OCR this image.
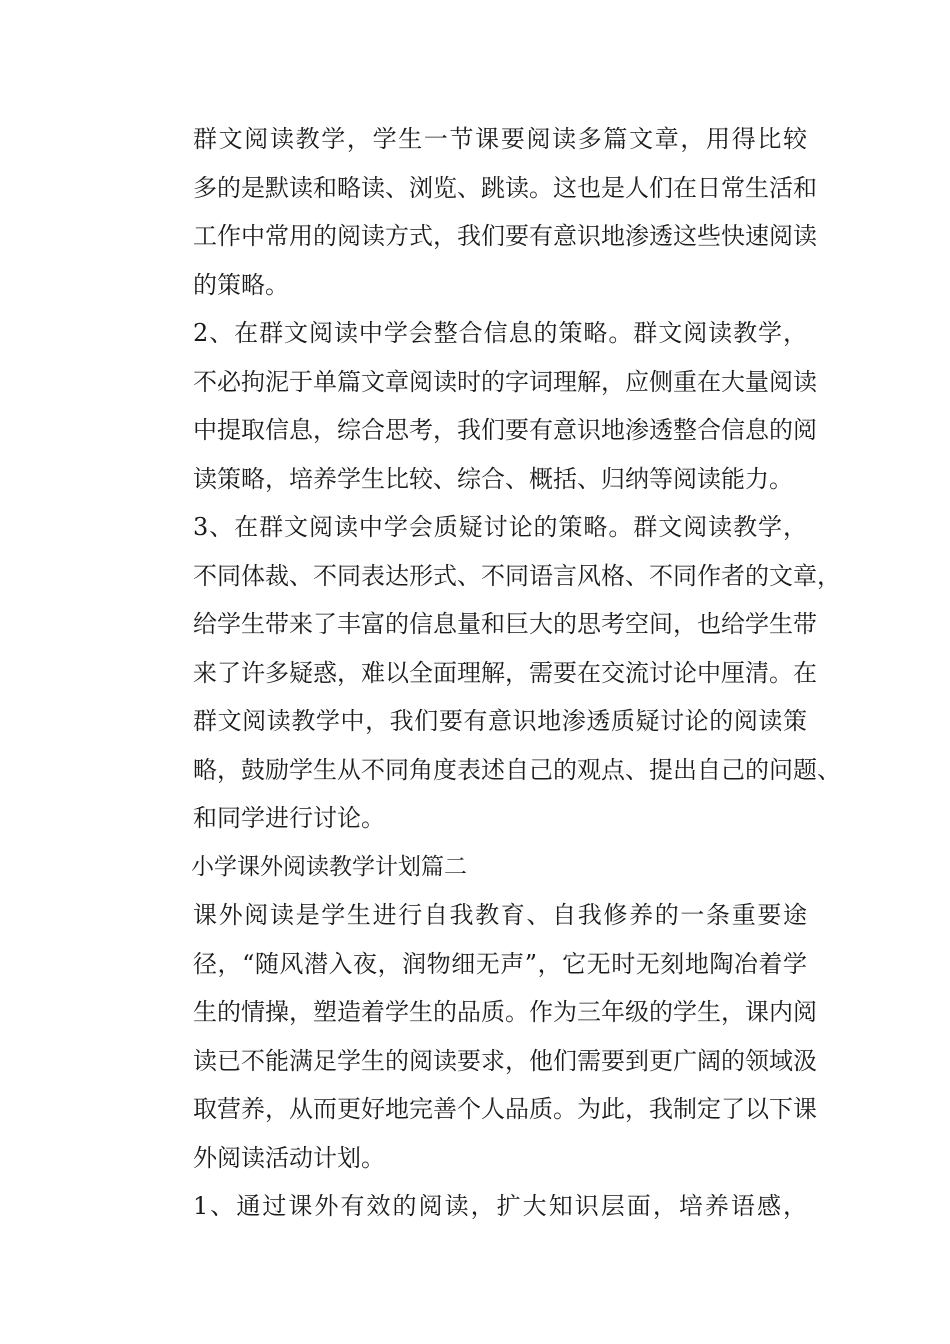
群文阅读教学，学生一节课要阅读多篇文章，用得比较
多的是默读和略读、浏览、跳读。这也是人们在日常生活和
工作中常用的阅读方式，我们要有意识地渗透这些快速阅读
的策略。

2、在群文阅读中学会整合信息的策略。群文阅读教学，
不必拘泥于单篇文章阅读时的字词理解，应侧重在大量阅读
中提取信息，综合思考，我们要有意识地渗透整合信息的阅
读策略，培养学生比较、综合、概括、归纳等阅读能力。

3、在群文阅读中学会质疑讨论的策略。群文阅读教学，
不同体裁、不同表达形式、不同语言风格、不同作者的文章，
给学生带来了丰富的信息量和巨大的思考空间，也给学生带
来了许多疑惑，难以全面理解，需要在交流讨论中厘清。在
群文阅读教学中，我们要有意识地渗透质疑讨论的阅读策
略，鼓励学生从不同角度表述自己的观点、提出自己的问题、
和同学进行讨论。

小学课外阅读教学计划篇二

课外阅读是学生进行自我教育、自我修养的一条重要途
径，“随风潜入夜，润物细无声”，它无时无刻地陶冶着学
生的情操，塑造着学生的品质。作为三年级的学生，课内阅
读已不能满足学生的阅读要求，他们需要到更广阔的领域汲
取营养，从而更好地完善个人品质。为此，我制定了以下课
外阅读活动计划。

1、通过课外有效的阅读，扩大知识层面，培养语感，
